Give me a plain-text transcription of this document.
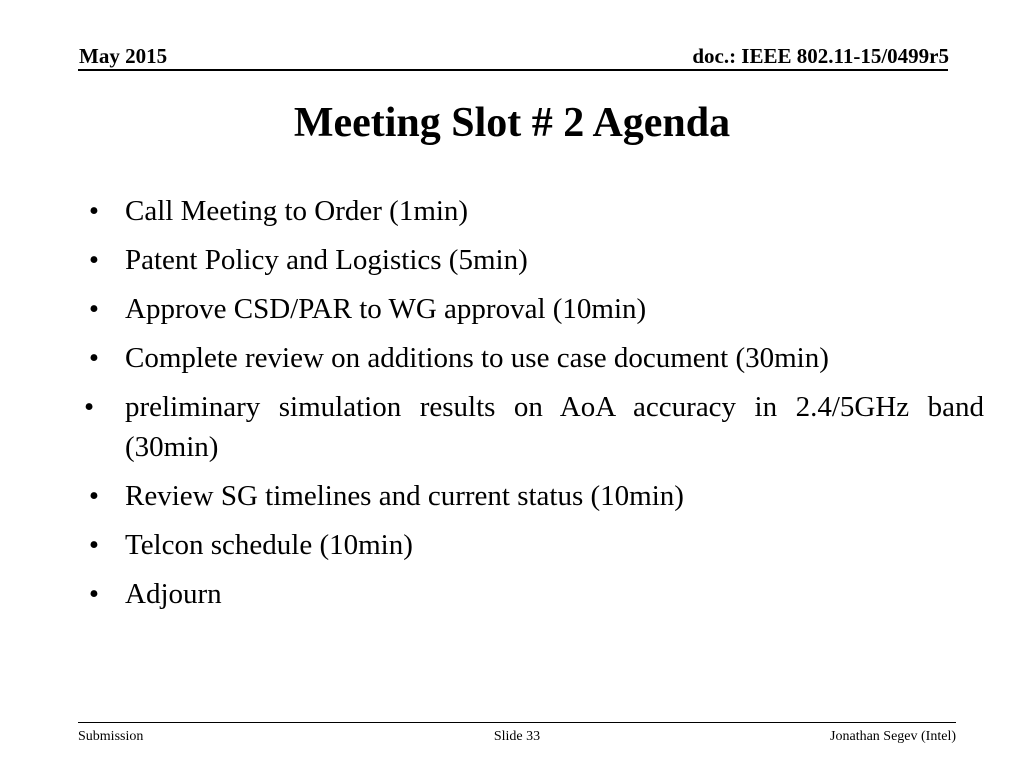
May 2015	doc.: IEEE 802.11-15/0499r5
Meeting Slot # 2 Agenda
• Call Meeting to Order (1min)
• Patent Policy and Logistics (5min)
• Approve CSD/PAR to WG approval (10min)
• Complete review on additions to use case document (30min)
•	preliminary simulation results on AoA accuracy in 2.4/5GHz band (30min)
• Review SG timelines and current status (10min)
• Telcon schedule (10min)
• Adjourn
Submission	Slide 33	Jonathan Segev (Intel)
